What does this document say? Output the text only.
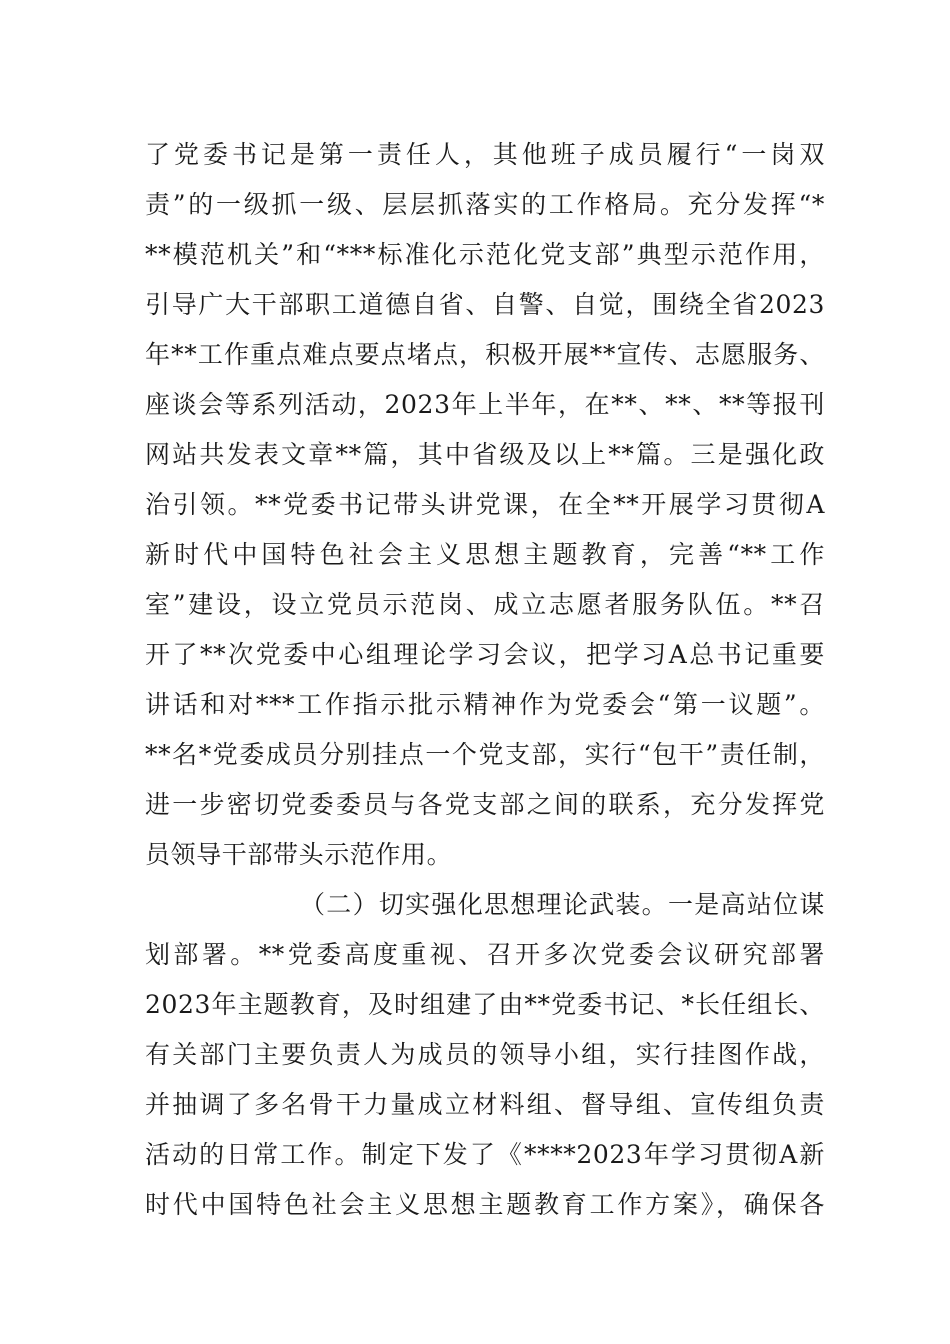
了党委书记是第一责任人，其他班子成员履行“一岗双
责”的一级抓一级、层层抓落实的工作格局。充分发挥“*
**模范机关”和“***标准化示范化党支部”典型示范作用，
引导广大干部职工道德自省、自警、自觉，围绕全省2023
年**工作重点难点要点堵点，积极开展**宣传、志愿服务、
座谈会等系列活动，2023年上半年，在**、**、**等报刊
网站共发表文章**篇，其中省级及以上**篇。三是强化政
治引领。**党委书记带头讲党课，在全**开展学习贯彻A
新时代中国特色社会主义思想主题教育，完善“**工作
室”建设，设立党员示范岗、成立志愿者服务队伍。**召
开了**次党委中心组理论学习会议，把学习A总书记重要
讲话和对***工作指示批示精神作为党委会“第一议题”。
**名*党委成员分别挂点一个党支部，实行“包干”责任制，
进一步密切党委委员与各党支部之间的联系，充分发挥党
员领导干部带头示范作用。
（二）切实强化思想理论武装。一是高站位谋
划部署。**党委高度重视、召开多次党委会议研究部署
2023年主题教育，及时组建了由**党委书记、*长任组长、
有关部门主要负责人为成员的领导小组，实行挂图作战，
并抽调了多名骨干力量成立材料组、督导组、宣传组负责
活动的日常工作。制定下发了《****2023年学习贯彻A新
时代中国特色社会主义思想主题教育工作方案》，确保各
